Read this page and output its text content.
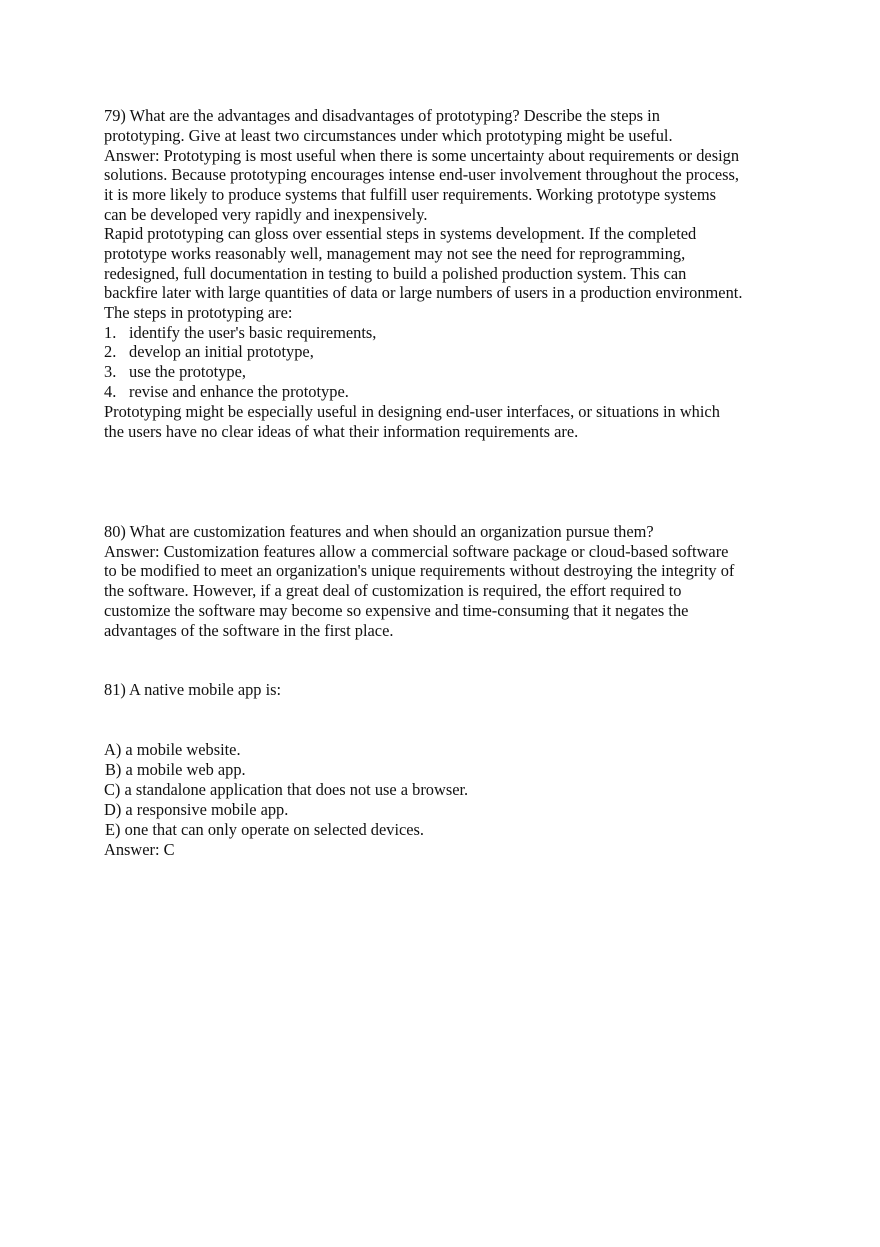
79) What are the advantages and disadvantages of prototyping? Describe the steps in
prototyping. Give at least two circumstances under which prototyping might be useful.
Answer: Prototyping is most useful when there is some uncertainty about requirements or design
solutions. Because prototyping encourages intense end-user involvement throughout the process,
it is more likely to produce systems that fulfill user requirements. Working prototype systems
can be developed very rapidly and inexpensively.
Rapid prototyping can gloss over essential steps in systems development. If the completed
prototype works reasonably well, management may not see the need for reprogramming,
redesigned, full documentation in testing to build a polished production system. This can
backfire later with large quantities of data or large numbers of users in a production environment.
The steps in prototyping are:
1. identify the user's basic requirements,
2. develop an initial prototype,
3. use the prototype,
4. revise and enhance the prototype.
Prototyping might be especially useful in designing end-user interfaces, or situations in which
the users have no clear ideas of what their information requirements are.
80) What are customization features and when should an organization pursue them?
Answer: Customization features allow a commercial software package or cloud-based software
to be modified to meet an organization's unique requirements without destroying the integrity of
the software. However, if a great deal of customization is required, the effort required to
customize the software may become so expensive and time-consuming that it negates the
advantages of the software in the first place.
81) A native mobile app is:
A) a mobile website.
B) a mobile web app.
C) a standalone application that does not use a browser.
D) a responsive mobile app.
E) one that can only operate on selected devices.
Answer: C
